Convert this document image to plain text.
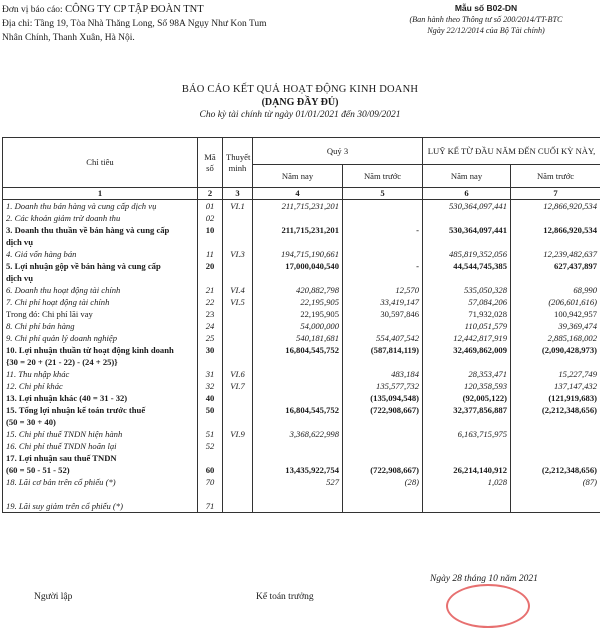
Đơn vị báo cáo: CÔNG TY CP TẬP ĐOÀN TNT
Địa chỉ: Tầng 19, Tòa Nhà Thăng Long, Số 98A Ngụy Như Kon Tum
Nhân Chính, Thanh Xuân, Hà Nội.
Mẫu số B02-DN
(Ban hành theo Thông tư số 200/2014/TT-BTC
Ngày 22/12/2014 của Bộ Tài chính)
BÁO CÁO KẾT QUẢ HOẠT ĐỘNG KINH DOANH
(DẠNG ĐẦY ĐỦ)
Cho kỳ tài chính từ ngày 01/01/2021 đến 30/09/2021
Chỉ tiêu	Mã số	Thuyết minh	Quý 3		LUỸ KẾ TỪ ĐẦU NĂM ĐẾN CUỐI KỲ NÀY,	
			Năm nay	Năm trước	Năm nay	Năm trước
1	2	3	4	5	6	7
1. Doanh thu bán hàng và cung cấp dịch vụ	01	VI.1	211,715,231,201		530,364,097,441	12,866,920,534
2. Các khoản giảm trừ doanh thu	02					
3. Doanh thu thuần về bán hàng và cung cấp	10		211,715,231,201	-	530,364,097,441	12,866,920,534
dịch vụ						
4. Giá vốn hàng bán	11	VI.3	194,715,190,661		485,819,352,056	12,239,482,637
5. Lợi nhuận gộp về bán hàng và cung cấp	20		17,000,040,540	-	44,544,745,385	627,437,897
dịch vụ						
6. Doanh thu hoạt động tài chính	21	VI.4	420,882,798	12,570	535,050,328	68,990
7. Chi phí hoạt động tài chính	22	VI.5	22,195,905	33,419,147	57,084,206	(206,601,616)
Trong đó: Chi phí lãi vay	23		22,195,905	30,597,846	71,932,028	100,942,957
8. Chi phí bán hàng	24		54,000,000		110,051,579	39,369,474
9. Chi phí quản lý doanh nghiệp	25		540,181,681	554,407,542	12,442,817,919	2,885,168,002
10. Lợi nhuận thuần từ hoạt động kinh doanh	30		16,804,545,752	(587,814,119)	32,469,862,009	(2,090,428,973)
{30 = 20 + (21 - 22) - (24 + 25)}						
11. Thu nhập khác	31	VI.6		483,184	28,353,471	15,227,749
12. Chi phí khác	32	VI.7		135,577,732	120,358,593	137,147,432
13. Lợi nhuận khác (40 = 31 - 32)	40			(135,094,548)	(92,005,122)	(121,919,683)
15. Tổng lợi nhuận kế toán trước thuế	50		16,804,545,752	(722,908,667)	32,377,856,887	(2,212,348,656)
(50 = 30 + 40)						
15. Chi phí thuế TNDN hiện hành	51	VI.9	3,368,622,998		6,163,715,975	
16. Chi phí thuế TNDN hoãn lại	52					
17. Lợi nhuận sau thuế TNDN						
(60 = 50 - 51 - 52)	60		13,435,922,754	(722,908,667)	26,214,140,912	(2,212,348,656)
18. Lãi cơ bản trên cổ phiếu (*)	70		527	(28)	1,028	(87)

19. Lãi suy giảm trên cổ phiếu (*)	71					
Ngày 28 tháng 10 năm 2021
Người lập	Kế toán trưởng
